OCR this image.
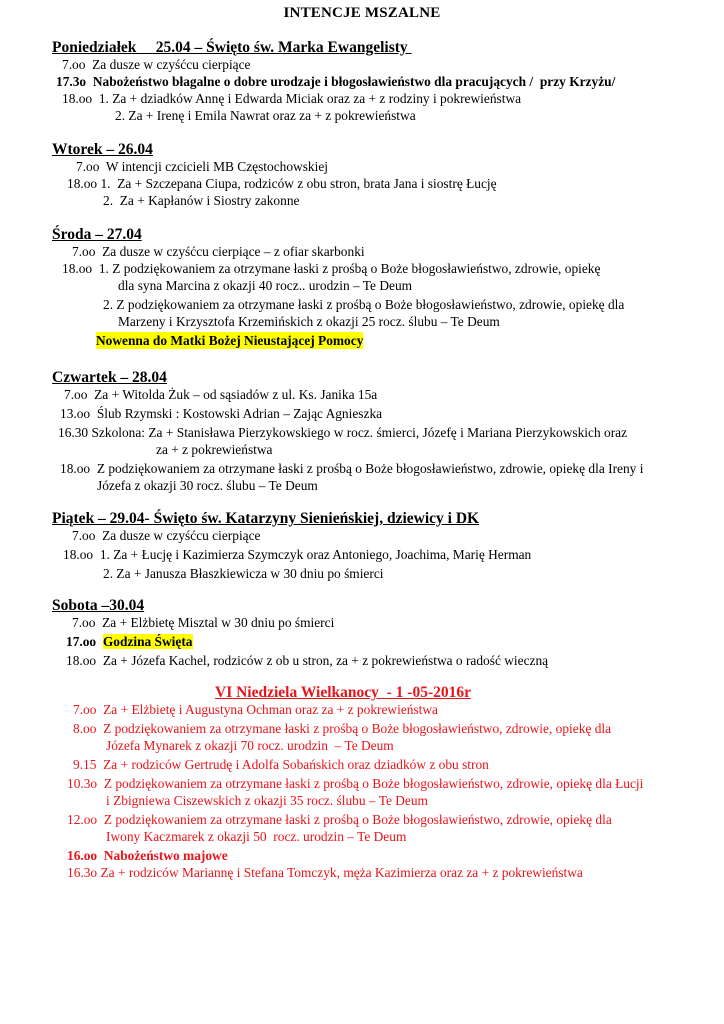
INTENCJE MSZALNE
Poniedziałek     25.04 – Święto św. Marka Ewangelisty
7.oo  Za dusze w czyśćcu cierpiące
17.3o  Nabożeństwo błagalne o dobre urodzaje i błogosławieństwo dla pracujących /  przy Krzyżu/
18.oo  1. Za + dziadków Annę i Edwarda Miciak oraz za + z rodziny i pokrewieństwa
2. Za + Irenę i Emila Nawrat oraz za + z pokrewieństwa
Wtorek – 26.04
7.oo  W intencji czcicieli MB Częstochowskiej
18.oo 1.  Za + Szczepana Ciupa, rodziców z obu stron, brata Jana i siostrę Łucję
2.  Za + Kapłanów i Siostry zakonne
Środa – 27.04
7.oo  Za dusze w czyśćcu cierpiące – z ofiar skarbonki
18.oo  1. Z podziękowaniem za otrzymane łaski z prośbą o Boże błogosławieństwo, zdrowie, opiekę
dla syna Marcina z okazji 40 rocz.. urodzin – Te Deum
2. Z podziękowaniem za otrzymane łaski z prośbą o Boże błogosławieństwo, zdrowie, opiekę dla
Marzeny i Krzysztofa Krzemińskich z okazji 25 rocz. ślubu – Te Deum
Nowenna do Matki Bożej Nieustającej Pomocy
Czwartek – 28.04
7.oo  Za + Witolda Żuk – od sąsiadów z ul. Ks. Janika 15a
13.oo  Ślub Rzymski : Kostowski Adrian – Zając Agnieszka
16.30 Szkolona: Za + Stanisława Pierzykowskiego w rocz. śmierci, Józefę i Mariana Pierzykowskich oraz
za + z pokrewieństwa
18.oo  Z podziękowaniem za otrzymane łaski z prośbą o Boże błogosławieństwo, zdrowie, opiekę dla Ireny i
Józefa z okazji 30 rocz. ślubu – Te Deum
Piątek – 29.04- Święto św. Katarzyny Sienieńskiej, dziewicy i DK
7.oo  Za dusze w czyśćcu cierpiące
18.oo  1. Za + Łucję i Kazimierza Szymczyk oraz Antoniego, Joachima, Marię Herman
2. Za + Janusza Błaszkiewicza w 30 dniu po śmierci
Sobota –30.04
7.oo  Za + Elżbietę Misztal w 30 dniu po śmierci
17.oo Godzina Święta
18.oo  Za + Józefa Kachel, rodziców z ob u stron, za + z pokrewieństwa o radość wieczną
VI Niedziela Wielkanocy  - 1 -05-2016r
7.oo  Za + Elżbietę i Augustyna Ochman oraz za + z pokrewieństwa
8.oo  Z podziękowaniem za otrzymane łaski z prośbą o Boże błogosławieństwo, zdrowie, opiekę dla
Józefa Mynarek z okazji 70 rocz. urodzin  – Te Deum
9.15  Za + rodziców Gertrudę i Adolfa Sobańskich oraz dziadków z obu stron
10.3o  Z podziękowaniem za otrzymane łaski z prośbą o Boże błogosławieństwo, zdrowie, opiekę dla Łucji
i Zbigniewa Ciszewskich z okazji 35 rocz. ślubu – Te Deum
12.oo  Z podziękowaniem za otrzymane łaski z prośbą o Boże błogosławieństwo, zdrowie, opiekę dla
Iwony Kaczmarek z okazji 50  rocz. urodzin – Te Deum
16.oo  Nabożeństwo majowe
16.3o Za + rodziców Mariannę i Stefana Tomczyk, męża Kazimierza oraz za + z pokrewieństwa
